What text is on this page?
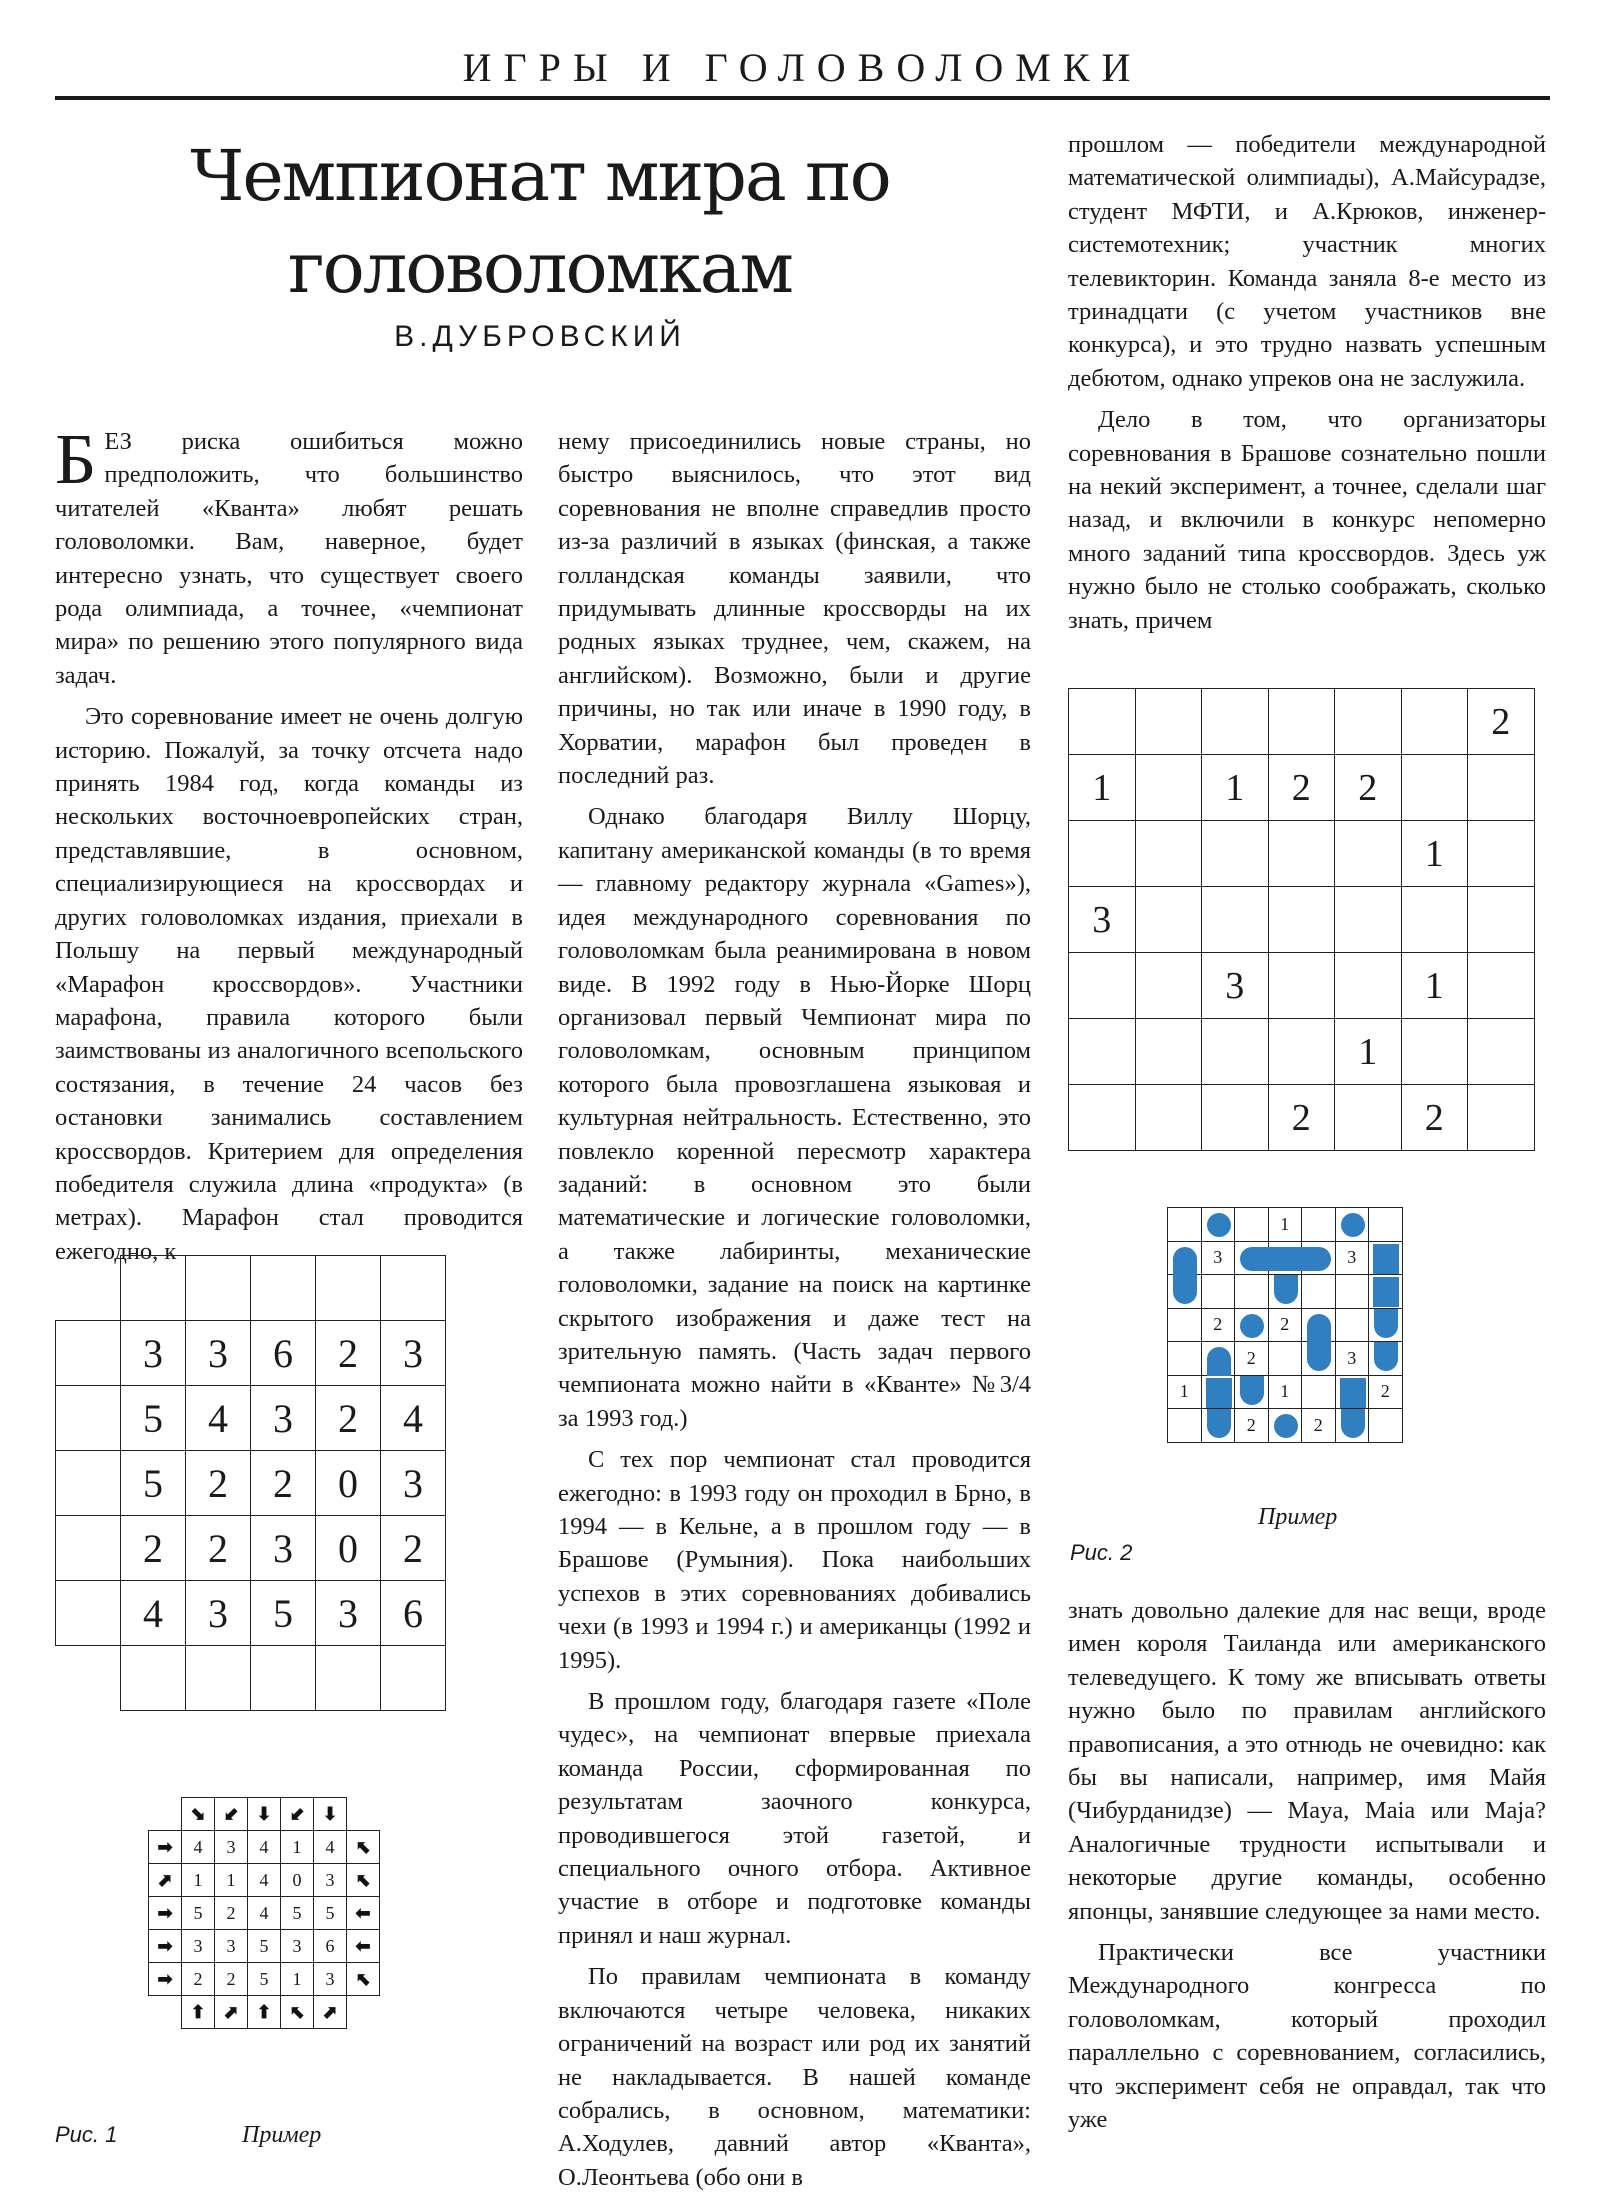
ИГРЫ И ГОЛОВОЛОМКИ
Чемпионат мира по
головоломкам
В.ДУБРОВСКИЙ

БЕЗ риска ошибиться можно предположить, что большинство читателей «Кванта» любят решать головоломки. Вам, наверное, будет интересно узнать, что существует своего рода олимпиада, а точнее, «чемпионат мира» по решению этого популярного вида задач.

Это соревнование имеет не очень долгую историю. Пожалуй, за точку отсчета надо принять 1984 год, когда команды из нескольких восточноевропейских стран, представлявшие, в основном, специализирующиеся на кроссвордах и других головоломках издания, приехали в Польшу на первый международный «Марафон кроссвордов». Участники марафона, правила которого были заимствованы из аналогичного всепольского состязания, в течение 24 часов без остановки занимались составлением кроссвордов. Критерием для определения победителя служила длина «продукта» (в метрах). Марафон стал проводится ежегодно, к

нему присоединились новые страны, но быстро выяснилось, что этот вид соревнования не вполне справедлив просто из-за различий в языках (финская, а также голландская команды заявили, что придумывать длинные кроссворды на их родных языках труднее, чем, скажем, на английском). Возможно, были и другие причины, но так или иначе в 1990 году, в Хорватии, марафон был проведен в последний раз.

Однако благодаря Виллу Шорцу, капитану американской команды (в то время — главному редактору журнала «Games»), идея международного соревнования по головоломкам была реанимирована в новом виде. В 1992 году в Нью-Йорке Шорц организовал первый Чемпионат мира по головоломкам, основным принципом которого была провозглашена языковая и культурная нейтральность. Естественно, это повлекло коренной пересмотр характера заданий: в основном это были математические и логические головоломки, а также лабиринты, механические головоломки, задание на поиск на картинке скрытого изображения и даже тест на зрительную память. (Часть задач первого чемпионата можно найти в «Кванте» №3/4 за 1993 год.)

С тех пор чемпионат стал проводится ежегодно: в 1993 году он проходил в Брно, в 1994 — в Кельне, а в прошлом году — в Брашове (Румыния). Пока наибольших успехов в этих соревнованиях добивались чехи (в 1993 и 1994 г.) и американцы (1992 и 1995).

В прошлом году, благодаря газете «Поле чудес», на чемпионат впервые приехала команда России, сформированная по результатам заочного конкурса, проводившегося этой газетой, и специального очного отбора. Активное участие в отборе и подготовке команды принял и наш журнал.

По правилам чемпионата в команду включаются четыре человека, никаких ограничений на возраст или род их занятий не накладывается. В нашей команде собрались, в основном, математики: А.Ходулев, давний автор «Кванта», О.Леонтьева (обо они в

прошлом — победители международной математической олимпиады), А.Майсурадзе, студент МФТИ, и А.Крюков, инженер-системотехник; участник многих телевикторин. Команда заняла 8-е место из тринадцати (с учетом участников вне конкурса), и это трудно назвать успешным дебютом, однако упреков она не заслужила.

Дело в том, что организаторы соревнования в Брашове сознательно пошли на некий эксперимент, а точнее, сделали шаг назад, и включили в конкурс непомерно много заданий типа кроссвордов. Здесь уж нужно было не столько соображать, сколько знать, причем

знать довольно далекие для нас вещи, вроде имен короля Таиланда или американского телеведущего. К тому же вписывать ответы нужно было по правилам английского правописания, а это отнюдь не очевидно: как бы вы написали, например, имя Майя (Чибурданидзе) — Maya, Maia или Maja? Аналогичные трудности испытывали и некоторые другие команды, особенно японцы, занявшие следующее за нами место.

Практически все участники Международного конгресса по головоломкам, который проходил параллельно с соревнованием, согласились, что эксперимент себя не оправдал, так что уже

	3	3	6	2	3
	5	4	3	2	4
	5	2	2	0	3
	2	2	3	0	2
	4	3	5	3	6

						2
1		1	2	2		
					1	
3						
		3			1	
				1		
			2		2	
	⬊	⬋	⬇	⬋	⬇	
➡	4	3	4	1	4	⬉
⬈	1	1	4	0	3	⬉
➡	5	2	4	5	5	⬅
➡	3	3	5	3	6	⬅
➡	2	2	5	1	3	⬉
	⬆	⬈	⬆	⬉	⬈	

		1		

	3				3	

	2		2	

	2			3	

1			1			2

	2		2	

Рис. 1	Пример
Пример
Рис. 2
